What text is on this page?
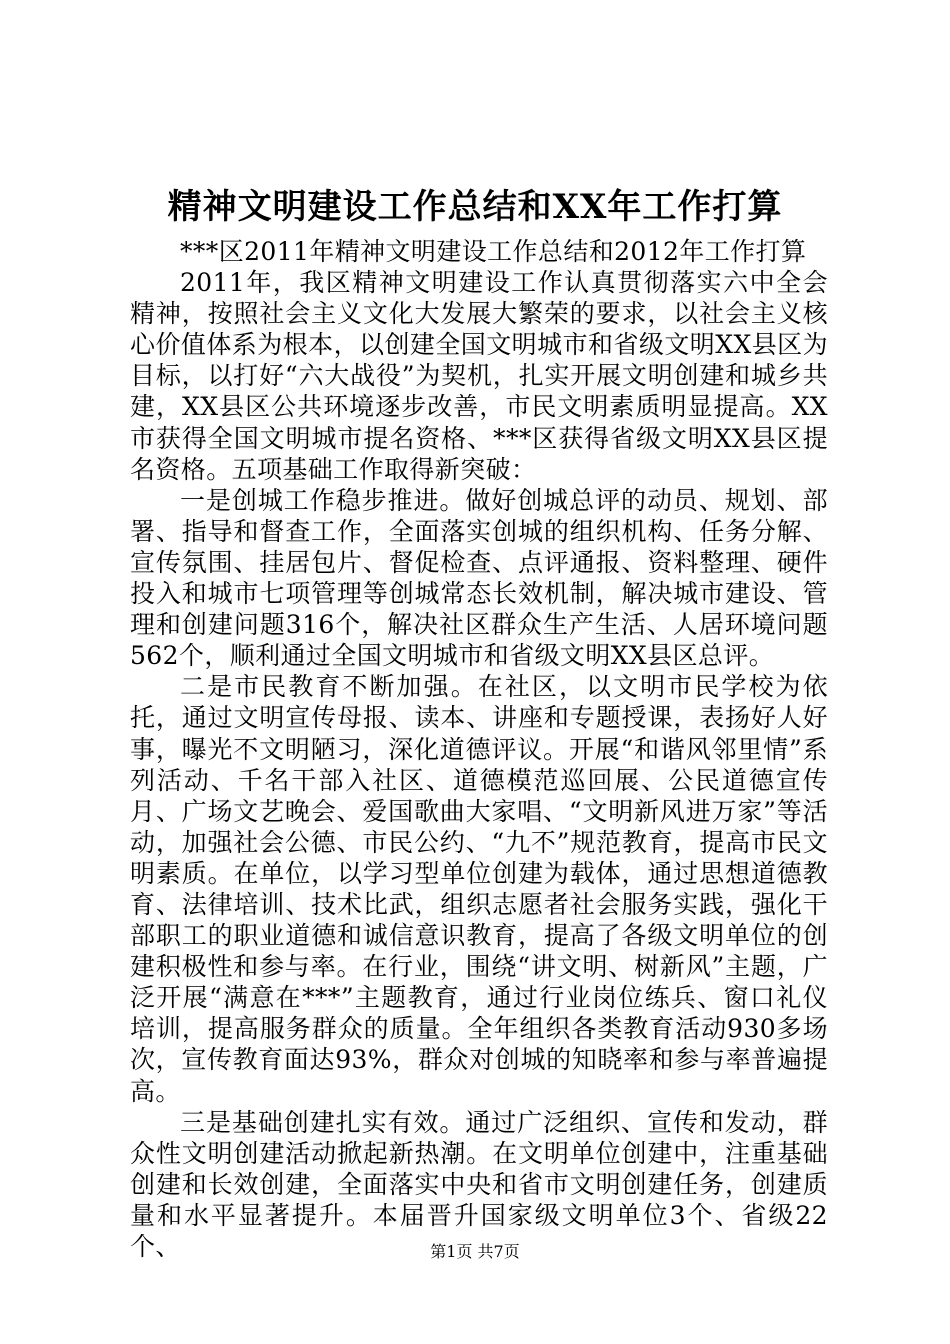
精神文明建设工作总结和XX年工作打算

***区2011年精神文明建设工作总结和2012年工作打算

2011年，我区精神文明建设工作认真贯彻落实六中全会精神，按照社会主义文化大发展大繁荣的要求，以社会主义核心价值体系为根本，以创建全国文明城市和省级文明XX县区为目标，以打好“六大战役”为契机，扎实开展文明创建和城乡共建，XX县区公共环境逐步改善，市民文明素质明显提高。XX市获得全国文明城市提名资格、***区获得省级文明XX县区提名资格。五项基础工作取得新突破：

一是创城工作稳步推进。做好创城总评的动员、规划、部署、指导和督查工作，全面落实创城的组织机构、任务分解、宣传氛围、挂居包片、督促检查、点评通报、资料整理、硬件投入和城市七项管理等创城常态长效机制，解决城市建设、管理和创建问题316个，解决社区群众生产生活、人居环境问题562个，顺利通过全国文明城市和省级文明XX县区总评。

二是市民教育不断加强。在社区，以文明市民学校为依托，通过文明宣传母报、读本、讲座和专题授课，表扬好人好事，曝光不文明陋习，深化道德评议。开展“和谐风邻里情”系列活动、千名干部入社区、道德模范巡回展、公民道德宣传月、广场文艺晚会、爱国歌曲大家唱、“文明新风进万家”等活动，加强社会公德、市民公约、“九不”规范教育，提高市民文明素质。在单位，以学习型单位创建为载体，通过思想道德教育、法律培训、技术比武，组织志愿者社会服务实践，强化干部职工的职业道德和诚信意识教育，提高了各级文明单位的创建积极性和参与率。在行业，围绕“讲文明、树新风”主题，广泛开展“满意在***”主题教育，通过行业岗位练兵、窗口礼仪培训，提高服务群众的质量。全年组织各类教育活动930多场次，宣传教育面达93%，群众对创城的知晓率和参与率普遍提高。

三是基础创建扎实有效。通过广泛组织、宣传和发动，群众性文明创建活动掀起新热潮。在文明单位创建中，注重基础创建和长效创建，全面落实中央和省市文明创建任务，创建质量和水平显著提升。本届晋升国家级文明单位3个、省级22个、	第1页 共7页
